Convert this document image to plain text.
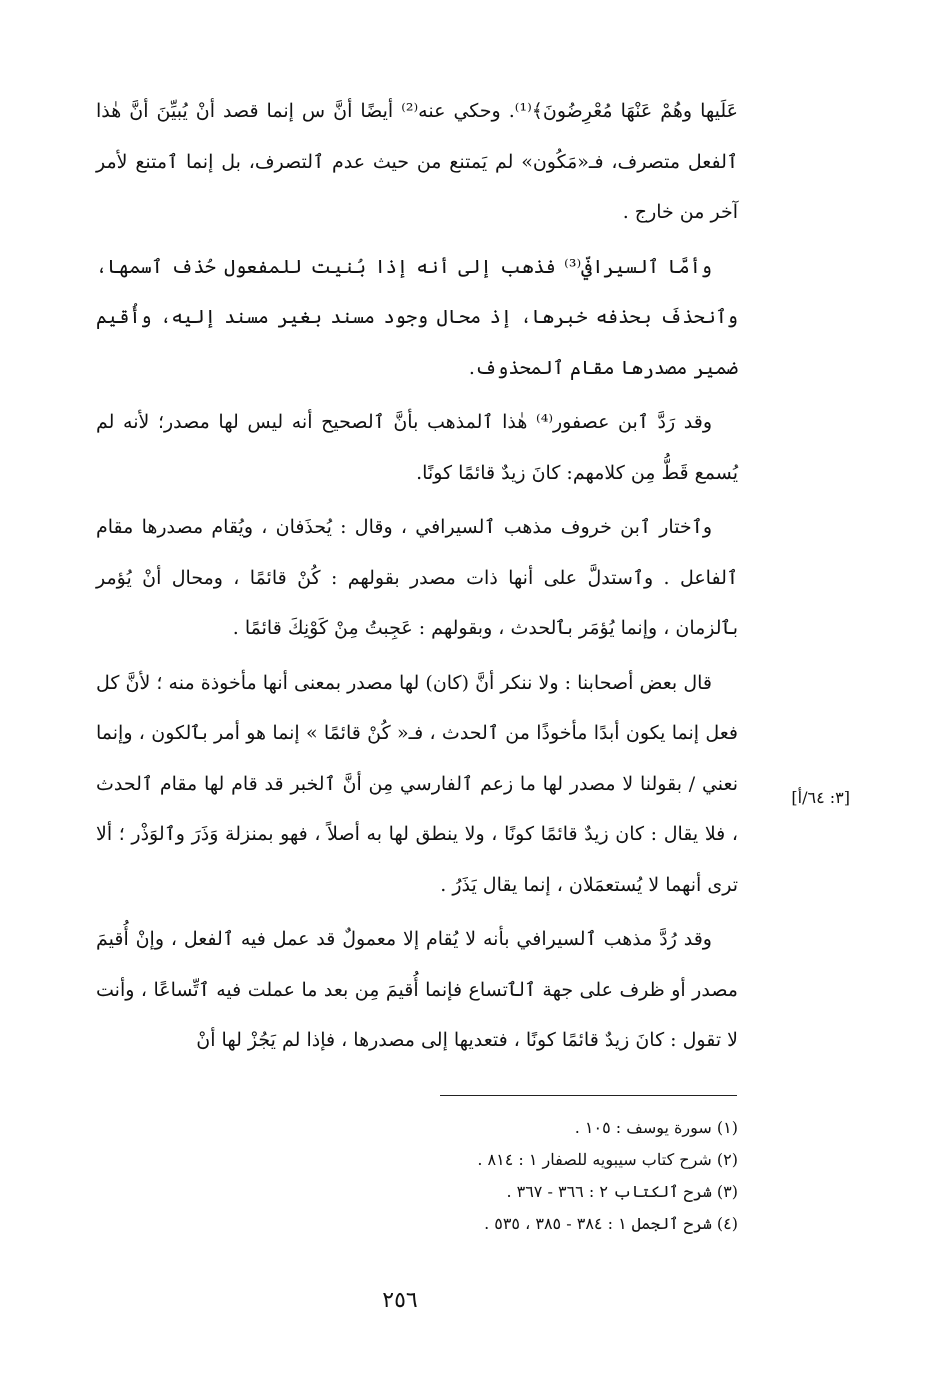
عَلَيها وهُمْ عَنْهَا مُعْرِضُونَ﴾⁽¹⁾. وحكي عنه⁽²⁾ أيضًا أنَّ س إنما قصد أنْ يُبيِّنَ أنَّ هٰذا ٱلفعل متصرف، فـ«مَكُون» لم يَمتنع من حيث عدم ٱلتصرف، بل إنما ٱمتنع لأمر آخر من خارج .

وأمَّا ٱلسيرافيّ⁽³⁾ فذهب إلى أنه إذا بُنيت للمفعول حُذف ٱسمها، وٱنحذفَ بحذفه خبرها، إذ محال وجود مسند بغير مسند إليه، وأُقيم ضمير مصدرها مقام ٱلمحذوف.

وقد رَدَّ ٱبن عصفور⁽⁴⁾ هٰذا ٱلمذهب بأنَّ ٱلصحيح أنه ليس لها مصدر؛ لأنه لم يُسمع قَطُّ مِن كلامهم: كانَ زيدٌ قائمًا كونًا.

وٱختار ٱبن خروف مذهب ٱلسيرافي ، وقال : يُحذَفان ، ويُقام مصدرها مقام ٱلفاعل . وٱستدلَّ على أنها ذات مصدر بقولهم : كُنْ قائمًا ، ومحال أنْ يُؤمر بٱلزمان ، وإنما يُؤمَر بٱلحدث ، وبقولهم : عَجِبتُ مِنْ كَوْنِكَ قائمًا .

قال بعض أصحابنا : ولا ننكر أنَّ (كان) لها مصدر بمعنى أنها مأخوذة منه ؛ لأنَّ كل فعل إنما يكون أبدًا مأخوذًا من ٱلحدث ، فـ« كُنْ قائمًا » إنما هو أمر بٱلكون ، وإنما نعني / بقولنا لا مصدر لها ما زعم ٱلفارسي مِن أنَّ ٱلخبر قد قام لها مقام ٱلحدث ، فلا يقال : كان زيدٌ قائمًا كونًا ، ولا ينطق لها به أصلاً ، فهو بمنزلة وَذَرَ وٱلوَذْر ؛ ألا ترى أنهما لا يُستعمَلان ، إنما يقال يَذَرُ .

وقد رُدَّ مذهب ٱلسيرافي بأنه لا يُقام إلا معمولٌ قد عمل فيه ٱلفعل ، وإنْ أُقيمَ مصدر أو ظرف على جهة ٱلٱتساع فإنما أُقيمَ مِن بعد ما عملت فيه ٱتِّساعًا ، وأنت لا تقول : كانَ زيدٌ قائمًا كونًا ، فتعديها إلى مصدرها ، فإذا لم يَجُزْ لها أنْ

[٣: ٦٤/أ]

(١) سورة يوسف : ١٠٥ .

(٢) شرح كتاب سيبويه للصفار ١ : ٨١٤ .

(٣) شرح ٱلكتاب ٢ : ٣٦٦ - ٣٦٧ .

(٤) شرح ٱلجمل ١ : ٣٨٤ - ٣٨٥ ، ٥٣٥ .

٢٥٦
